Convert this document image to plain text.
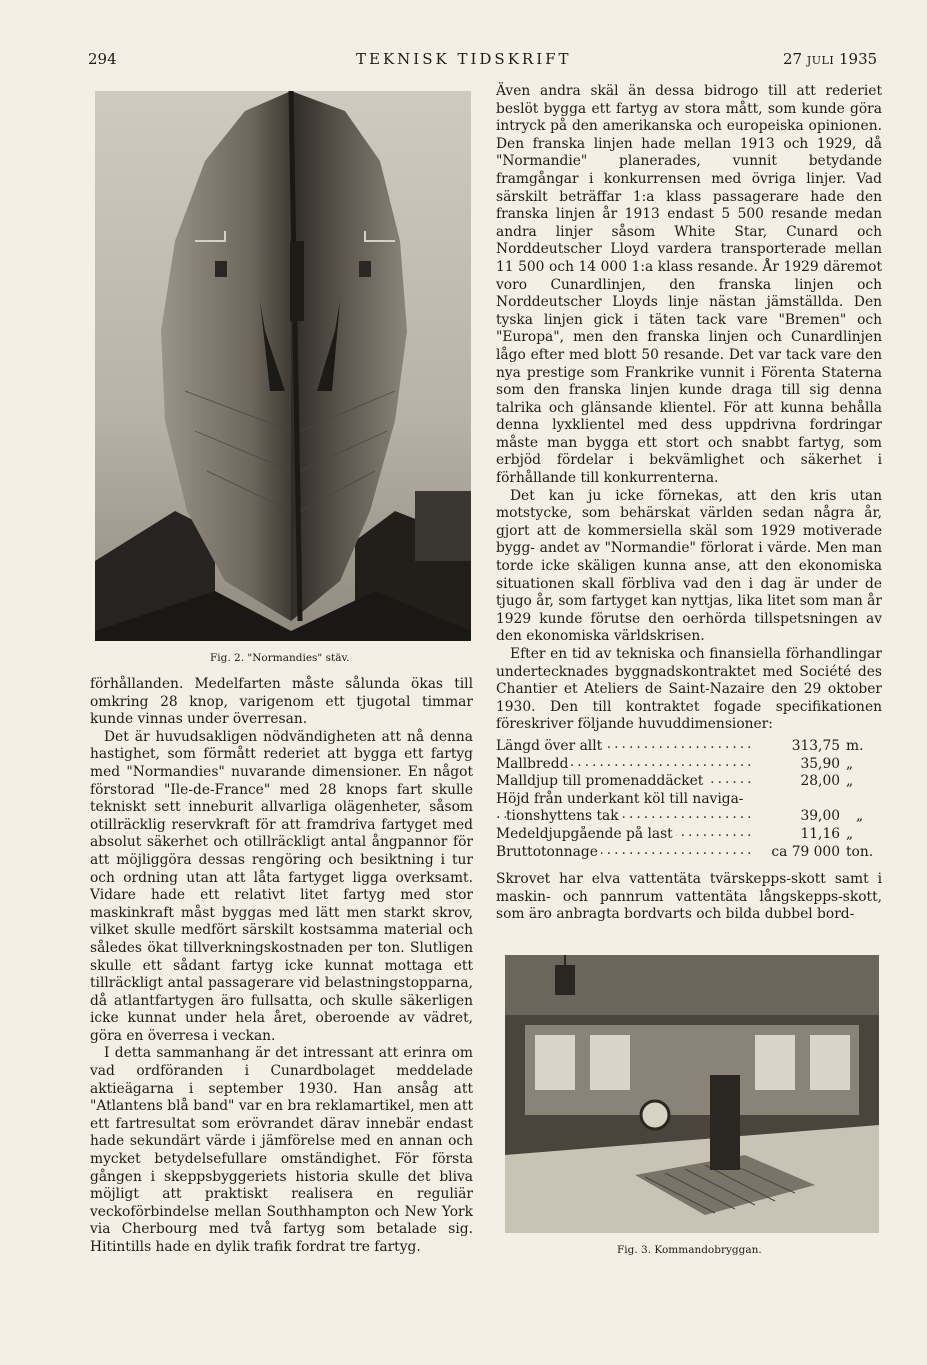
294	TEKNISK TIDSKRIFT	27 JULI 1935
Fig. 2. "Normandies" stäv.

förhållanden. Medelfarten måste sålunda ökas till omkring 28 knop, varigenom ett tjugotal timmar kunde vinnas under överresan.

Det är huvudsakligen nödvändigheten att nå denna hastighet, som förmått rederiet att bygga ett fartyg med "Normandies" nuvarande dimensioner. En något förstorad "Ile-de-France" med 28 knops fart skulle tekniskt sett inneburit allvarliga olägenheter, såsom otillräcklig reservkraft för att framdriva fartyget med absolut säkerhet och otillräckligt antal ångpannor för att möjliggöra dessas rengöring och besiktning i tur och ordning utan att låta fartyget ligga overksamt. Vidare hade ett relativt litet fartyg med stor maskinkraft måst byggas med lätt men starkt skrov, vilket skulle medfört särskilt kostsamma material och således ökat tillverkningskostnaden per ton. Slutligen skulle ett sådant fartyg icke kunnat mottaga ett tillräckligt antal passagerare vid belastningstopparna, då atlantfartygen äro fullsatta, och skulle säkerligen icke kunnat under hela året, oberoende av vädret, göra en överresa i veckan.

I detta sammanhang är det intressant att erinra om vad ordföranden i Cunardbolaget meddelade aktieägarna i september 1930. Han ansåg att "Atlantens blå band" var en bra reklamartikel, men att ett fartresultat som erövrandet därav innebär endast hade sekundärt värde i jämförelse med en annan och mycket betydelsefullare omständighet. För första gången i skeppsbyggeriets historia skulle det bliva möjligt att praktiskt realisera en reguliär veckoförbindelse mellan Southhampton och New York via Cherbourg med två fartyg som betalade sig. Hitintills hade en dylik trafik fordrat tre fartyg.

Även andra skäl än dessa bidrogo till att rederiet beslöt bygga ett fartyg av stora mått, som kunde göra intryck på den amerikanska och europeiska opinionen. Den franska linjen hade mellan 1913 och 1929, då "Normandie" planerades, vunnit betydande framgångar i konkurrensen med övriga linjer. Vad särskilt beträffar 1:a klass passagerare hade den franska linjen år 1913 endast 5 500 resande medan andra linjer såsom White Star, Cunard och Norddeutscher Lloyd vardera transporterade mellan 11 500 och 14 000 1:a klass resande. År 1929 däremot voro Cunardlinjen, den franska linjen och Norddeutscher Lloyds linje nästan jämställda. Den tyska linjen gick i täten tack vare "Bremen" och "Europa", men den franska linjen och Cunardlinjen lågo efter med blott 50 resande. Det var tack vare den nya prestige som Frankrike vunnit i Förenta Staterna som den franska linjen kunde draga till sig denna talrika och glänsande klientel. För att kunna behålla denna lyxklientel med dess uppdrivna fordringar måste man bygga ett stort och snabbt fartyg, som erbjöd fördelar i bekvämlighet och säkerhet i förhållande till konkurrenterna.

Det kan ju icke förnekas, att den kris utan motstycke, som behärskat världen sedan några år, gjort att de kommersiella skäl som 1929 motiverade bygg- andet av "Normandie" förlorat i värde. Men man torde icke skäligen kunna anse, att den ekonomiska situationen skall förbliva vad den i dag är under de tjugo år, som fartyget kan nyttjas, lika litet som man år 1929 kunde förutse den oerhörda tillspetsningen av den ekonomiska världskrisen.

Efter en tid av tekniska och finansiella förhandlingar undertecknades byggnadskontraktet med Société des Chantier et Ateliers de Saint-Nazaire den 29 oktober 1930. Den till kontraktet fogade specifikationen föreskriver följande huvuddimensioner:

Längd över allt .....	313,75	m.
Mallbredd .....	35,90	„
Malldjup till promenaddäcket .....	28,00	„
Höjd från underkant köl till naviga-		
tionshyttens tak .....	39,00	„
Medeldjupgående på last .....	11,16	„
Bruttotonnage .....	ca 79 000	ton.

Skrovet har elva vattentäta tvärskepps-skott samt i maskin- och pannrum vattentäta långskepps-skott, som äro anbragta bordvarts och bilda dubbel bord-

Fig. 3. Kommandobryggan.
